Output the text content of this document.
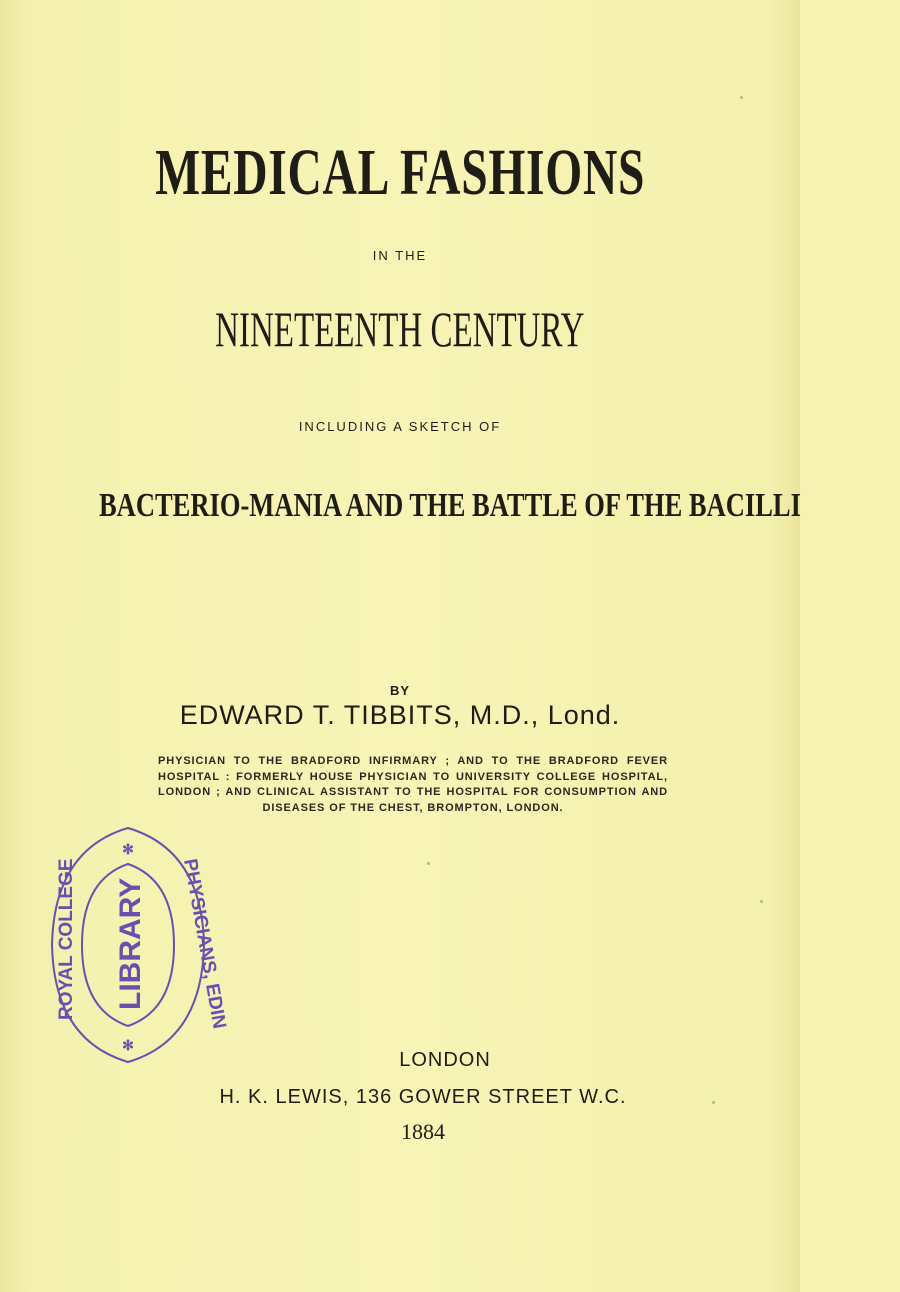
MEDICAL FASHIONS
IN THE
NINETEENTH CENTURY
INCLUDING A SKETCH OF
BACTERIO-MANIA AND THE BATTLE OF THE BACILLI
BY
EDWARD T. TIBBITS, M.D., Lond.
PHYSICIAN TO THE BRADFORD INFIRMARY ; AND TO THE BRADFORD FEVER HOSPITAL : FORMERLY HOUSE PHYSICIAN TO UNIVERSITY COLLEGE HOSPITAL, LONDON ; AND CLINICAL ASSISTANT TO THE HOSPITAL FOR CONSUMPTION AND DISEASES OF THE CHEST, BROMPTON, LONDON.
✻
✻
LIBRARY
ROYAL COLLEGE	PHYSICIANS, EDIN
LONDON
H. K. LEWIS, 136 GOWER STREET W.C.
1884
